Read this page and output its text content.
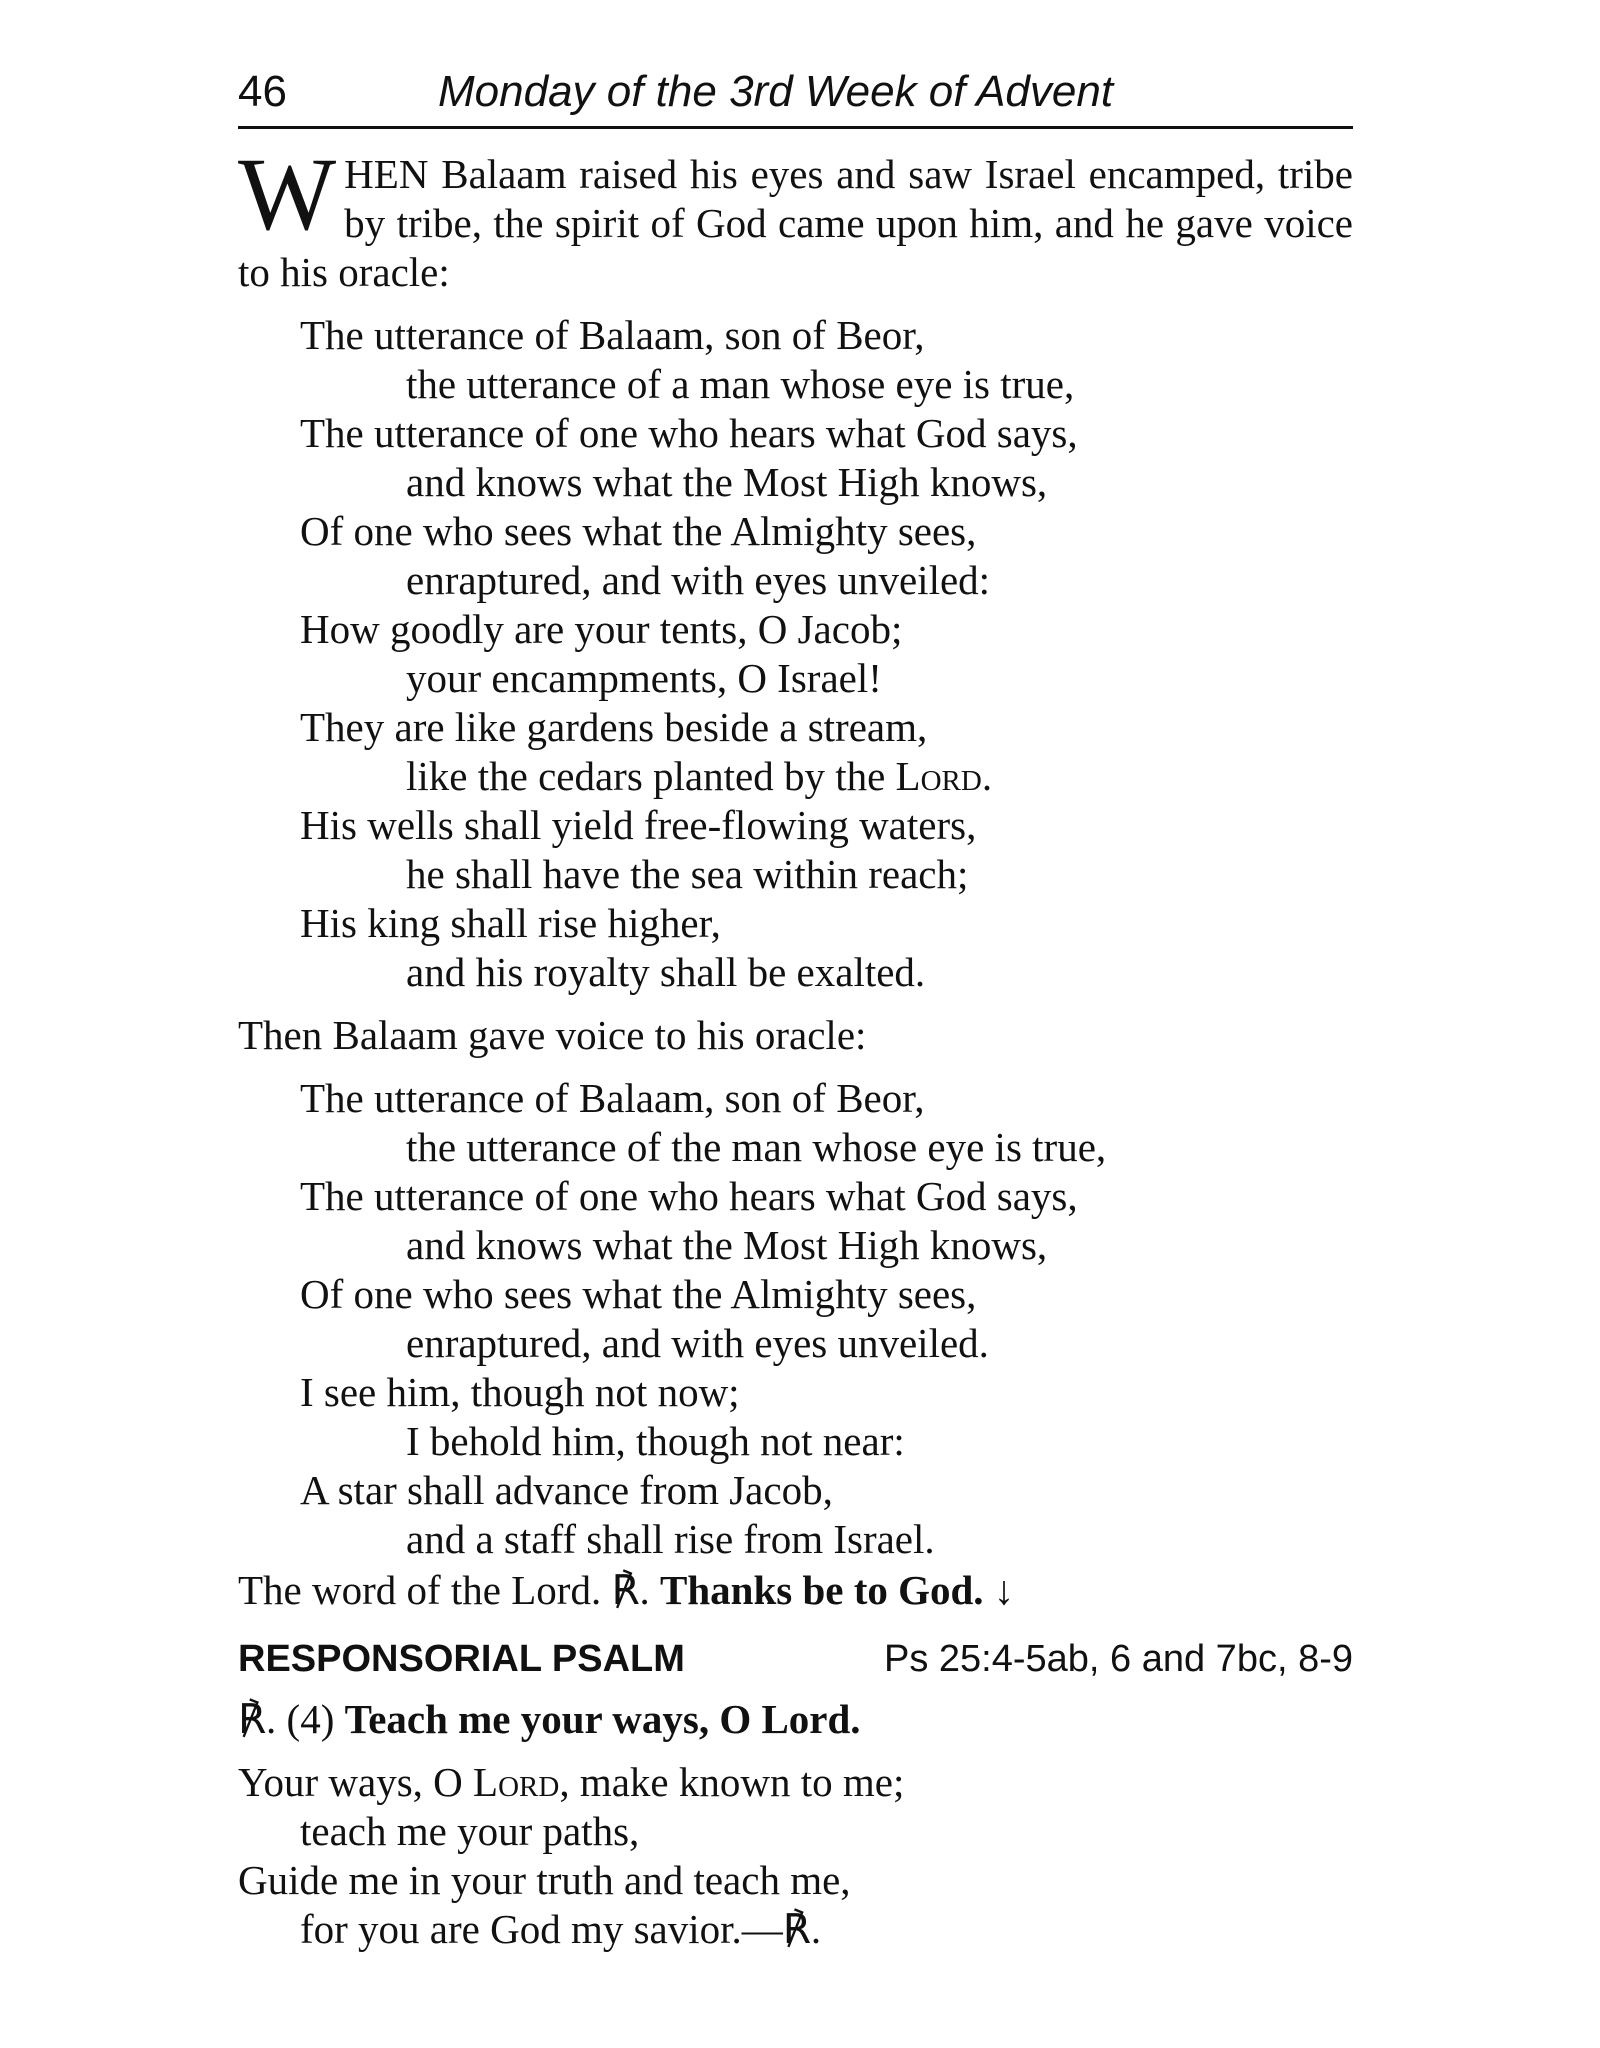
46	Monday of the 3rd Week of Advent

WHEN Balaam raised his eyes and saw Israel encamped, tribe by tribe, the spirit of God came upon him, and he gave voice to his oracle:

The utterance of Balaam, son of Beor,
the utterance of a man whose eye is true,
The utterance of one who hears what God says,
and knows what the Most High knows,
Of one who sees what the Almighty sees,
enraptured, and with eyes unveiled:
How goodly are your tents, O Jacob;
your encampments, O Israel!
They are like gardens beside a stream,
like the cedars planted by the Lord.
His wells shall yield free-flowing waters,
he shall have the sea within reach;
His king shall rise higher,
and his royalty shall be exalted.

Then Balaam gave voice to his oracle:

The utterance of Balaam, son of Beor,
the utterance of the man whose eye is true,
The utterance of one who hears what God says,
and knows what the Most High knows,
Of one who sees what the Almighty sees,
enraptured, and with eyes unveiled.
I see him, though not now;
I behold him, though not near:
A star shall advance from Jacob,
and a staff shall rise from Israel.

The word of the Lord. ℟. Thanks be to God. ↓

RESPONSORIAL PSALM	Ps 25:4-5ab, 6 and 7bc, 8-9

℟. (4) Teach me your ways, O Lord.

Your ways, O Lord, make known to me;
teach me your paths,
Guide me in your truth and teach me,
for you are God my savior.—℟.
